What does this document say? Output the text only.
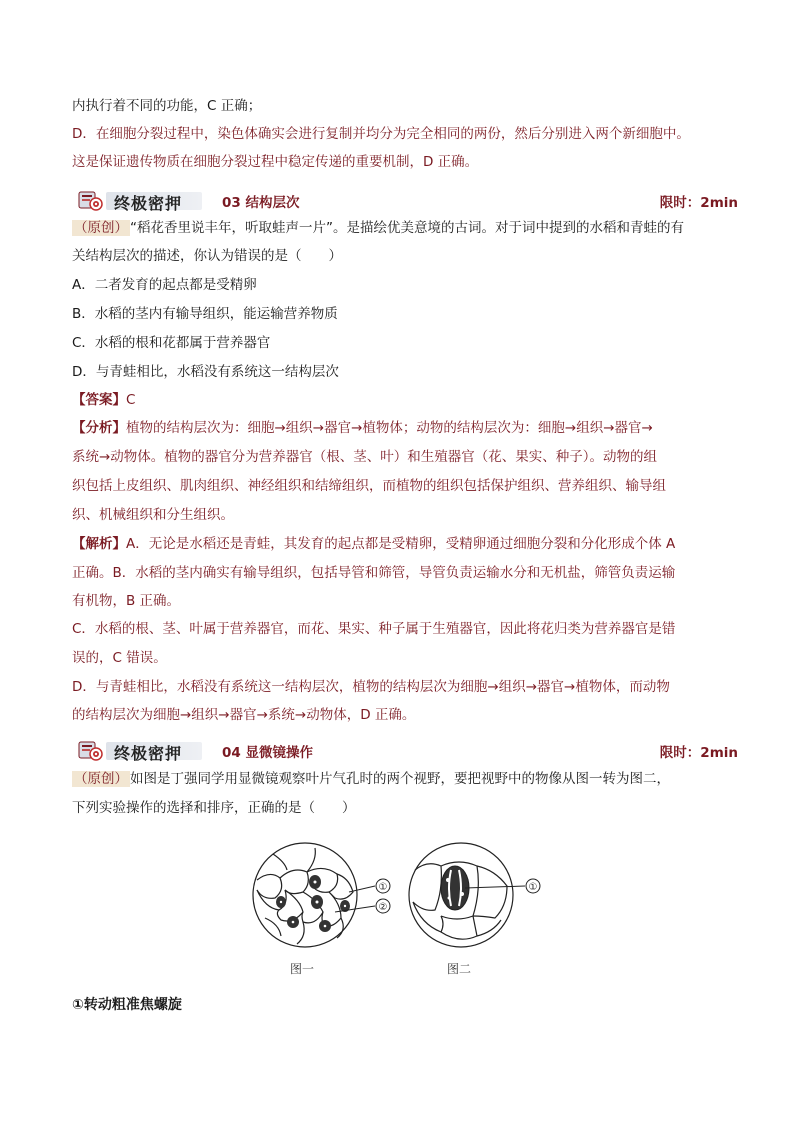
内执行着不同的功能，C 正确；
D．在细胞分裂过程中，染色体确实会进行复制并均分为完全相同的两份，然后分别进入两个新细胞中。
这是保证遗传物质在细胞分裂过程中稳定传递的重要机制，D 正确。
终极密押	03 结构层次	限时：2min
（原创） “稻花香里说丰年，听取蛙声一片”。是描绘优美意境的古词。对于词中提到的水稻和青蛙的有
关结构层次的描述，你认为错误的是（　　）
A．二者发育的起点都是受精卵
B．水稻的茎内有输导组织，能运输营养物质
C．水稻的根和花都属于营养器官
D．与青蛙相比，水稻没有系统这一结构层次
【答案】C
【分析】植物的结构层次为：细胞→组织→器官→植物体；动物的结构层次为：细胞→组织→器官→
系统→动物体。植物的器官分为营养器官（根、茎、叶）和生殖器官（花、果实、种子）。动物的组
织包括上皮组织、肌肉组织、神经组织和结缔组织，而植物的组织包括保护组织、营养组织、输导组
织、机械组织和分生组织。
【解析】A．无论是水稻还是青蛙，其发育的起点都是受精卵，受精卵通过细胞分裂和分化形成个体 A
正确。B．水稻的茎内确实有输导组织，包括导管和筛管，导管负责运输水分和无机盐，筛管负责运输
有机物，B 正确。
C．水稻的根、茎、叶属于营养器官，而花、果实、种子属于生殖器官，因此将花归类为营养器官是错
误的，C 错误。
D．与青蛙相比，水稻没有系统这一结构层次，植物的结构层次为细胞→组织→器官→植物体，而动物
的结构层次为细胞→组织→器官→系统→动物体，D 正确。
终极密押	04 显微镜操作	限时：2min
（原创） 如图是丁强同学用显微镜观察叶片气孔时的两个视野，要把视野中的物像从图一转为图二，
下列实验操作的选择和排序，正确的是（　　）
①
②
①
图一	图二
①转动粗准焦螺旋
